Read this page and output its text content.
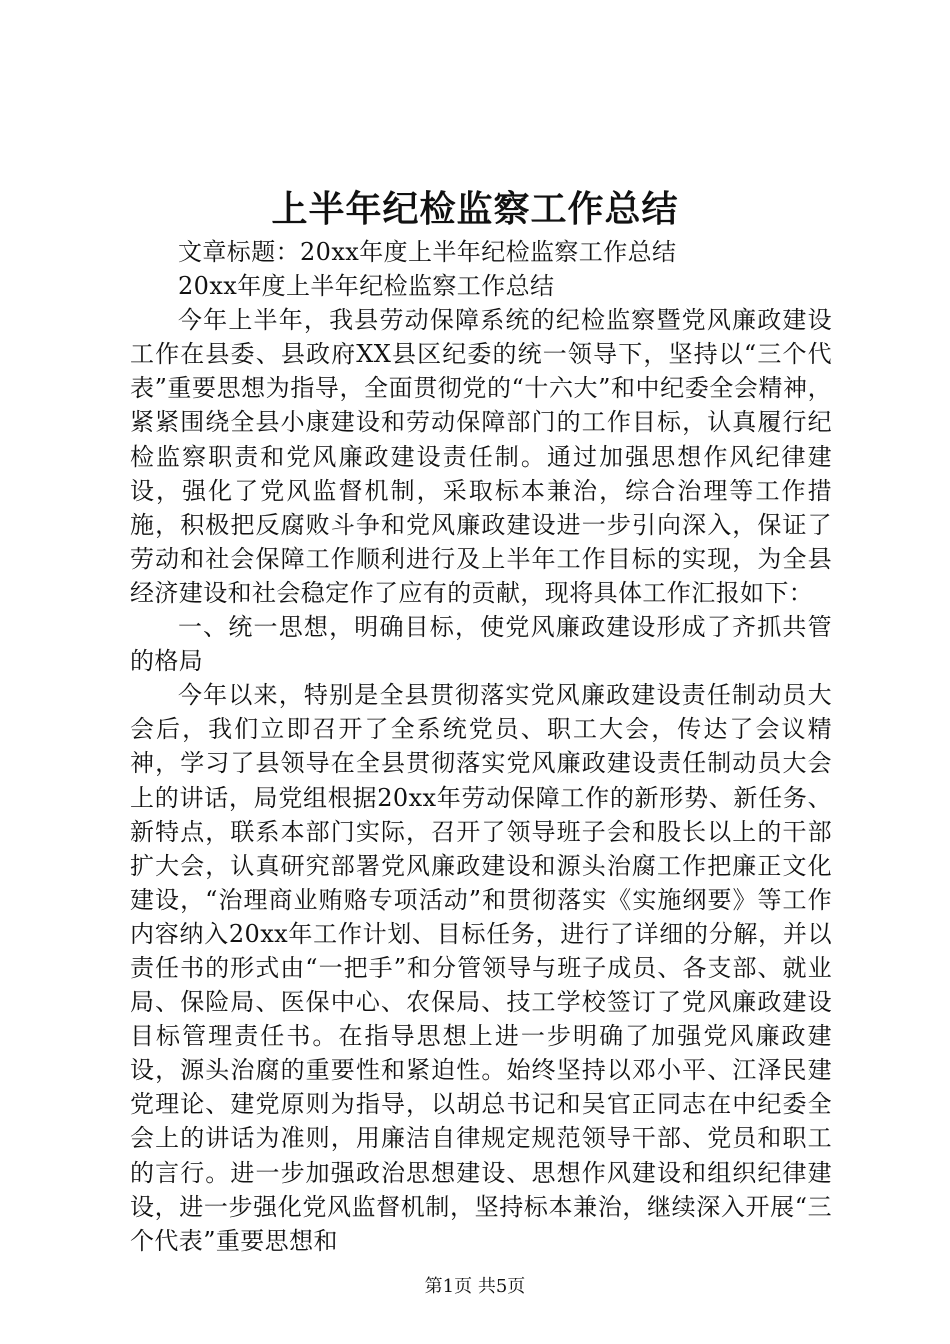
上半年纪检监察工作总结

文章标题：20xx年度上半年纪检监察工作总结

20xx年度上半年纪检监察工作总结

今年上半年，我县劳动保障系统的纪检监察暨党风廉政建设工作在县委、县政府XX县区纪委的统一领导下，坚持以“三个代表”重要思想为指导，全面贯彻党的“十六大”和中纪委全会精神，紧紧围绕全县小康建设和劳动保障部门的工作目标，认真履行纪检监察职责和党风廉政建设责任制。通过加强思想作风纪律建设，强化了党风监督机制，采取标本兼治，综合治理等工作措施，积极把反腐败斗争和党风廉政建设进一步引向深入，保证了劳动和社会保障工作顺利进行及上半年工作目标的实现，为全县经济建设和社会稳定作了应有的贡献，现将具体工作汇报如下：

一、统一思想，明确目标，使党风廉政建设形成了齐抓共管的格局

今年以来，特别是全县贯彻落实党风廉政建设责任制动员大会后，我们立即召开了全系统党员、职工大会，传达了会议精神，学习了县领导在全县贯彻落实党风廉政建设责任制动员大会上的讲话，局党组根据20xx年劳动保障工作的新形势、新任务、新特点，联系本部门实际，召开了领导班子会和股长以上的干部扩大会，认真研究部署党风廉政建设和源头治腐工作把廉正文化建设，“治理商业贿赂专项活动”和贯彻落实《实施纲要》等工作内容纳入20xx年工作计划、目标任务，进行了详细的分解，并以责任书的形式由“一把手”和分管领导与班子成员、各支部、就业局、保险局、医保中心、农保局、技工学校签订了党风廉政建设目标管理责任书。在指导思想上进一步明确了加强党风廉政建设，源头治腐的重要性和紧迫性。始终坚持以邓小平、江泽民建党理论、建党原则为指导，以胡总书记和吴官正同志在中纪委全会上的讲话为准则，用廉洁自律规定规范领导干部、党员和职工的言行。进一步加强政治思想建设、思想作风建设和组织纪律建设，进一步强化党风监督机制，坚持标本兼治，继续深入开展“三个代表”重要思想和

第1页 共5页
